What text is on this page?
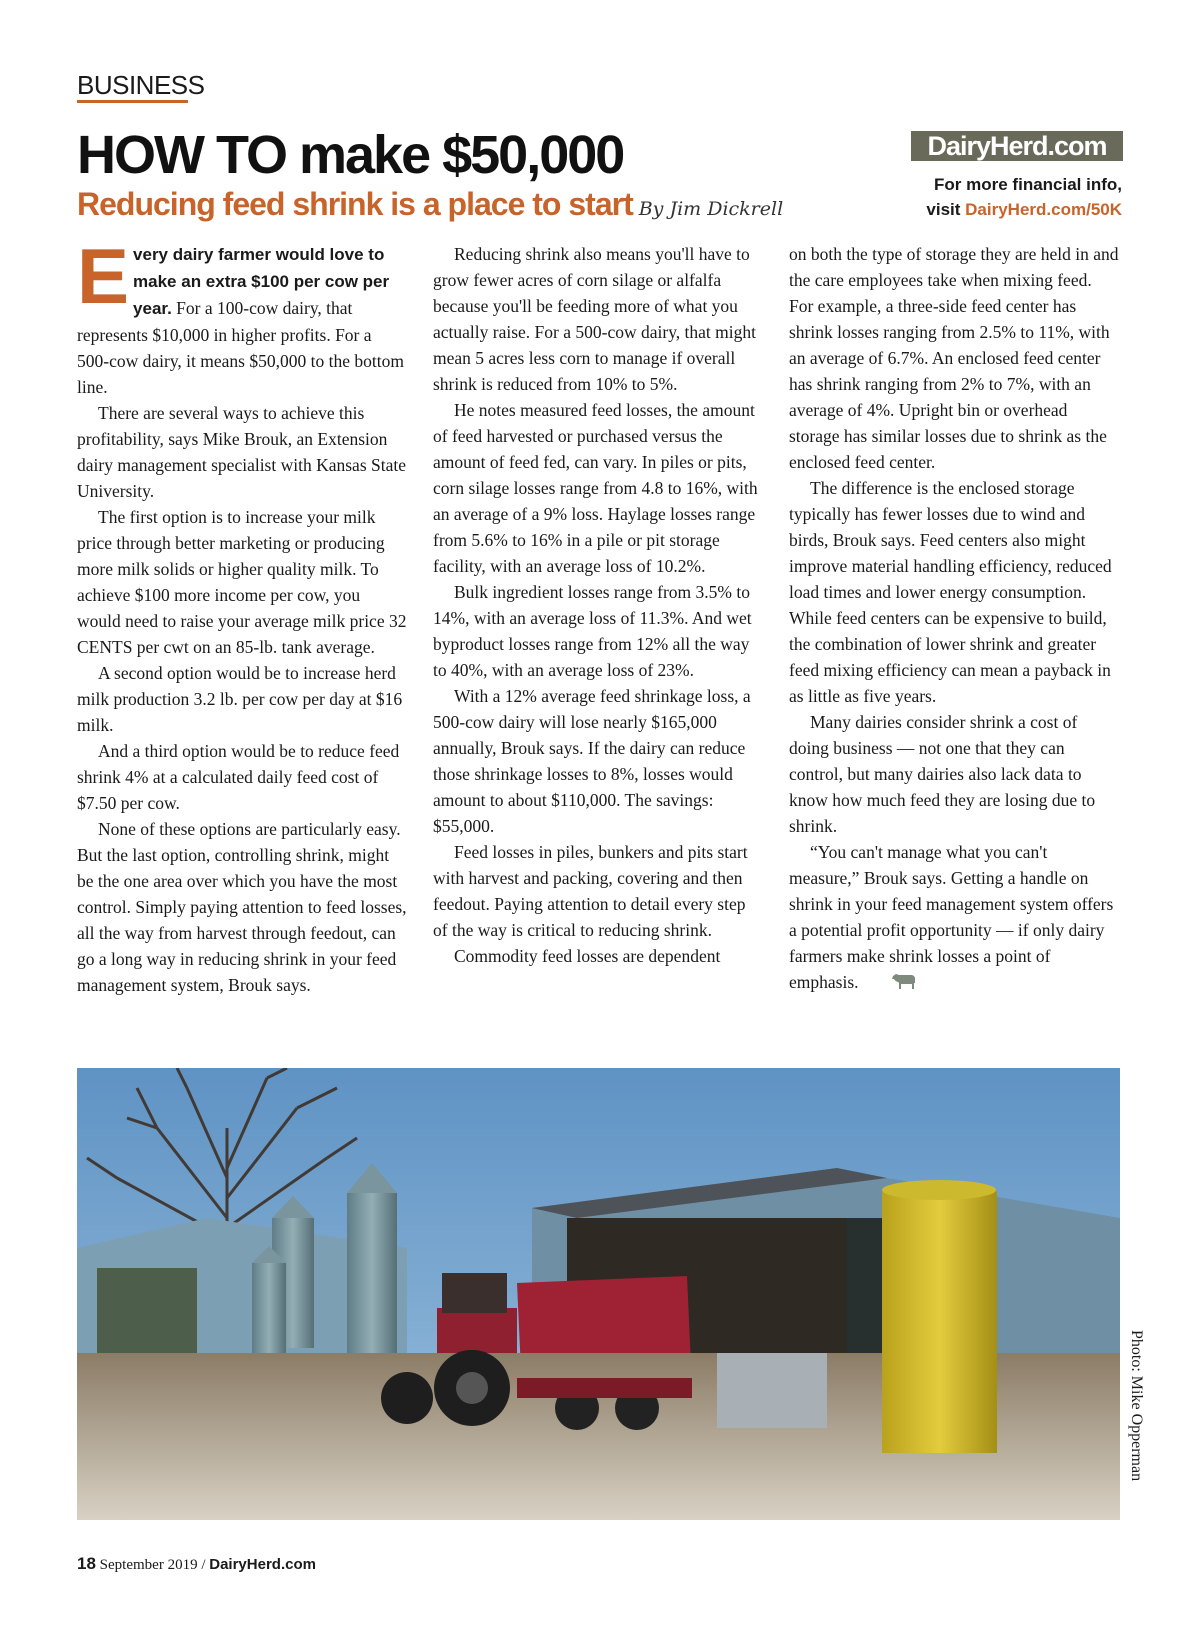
BUSINESS
HOW TO make $50,000
Reducing feed shrink is a place to start By Jim Dickrell
DairyHerd.com
For more financial info,
visit DairyHerd.com/50K

Every dairy farmer would love to make an extra $100 per cow per year. For a 100-cow dairy, that represents $10,000 in higher profits. For a 500-cow dairy, it means $50,000 to the bottom line.

There are several ways to achieve this profitability, says Mike Brouk, an Extension dairy management specialist with Kansas State University.

The first option is to increase your milk price through better marketing or producing more milk solids or higher quality milk. To achieve $100 more income per cow, you would need to raise your average milk price 32 CENTS per cwt on an 85-lb. tank average.

A second option would be to increase herd milk production 3.2 lb. per cow per day at $16 milk.

And a third option would be to reduce feed shrink 4% at a calculated daily feed cost of $7.50 per cow.

None of these options are particularly easy. But the last option, controlling shrink, might be the one area over which you have the most control. Simply paying attention to feed losses, all the way from harvest through feedout, can go a long way in reducing shrink in your feed management system, Brouk says.

Reducing shrink also means you'll have to grow fewer acres of corn silage or alfalfa because you'll be feeding more of what you actually raise. For a 500-cow dairy, that might mean 5 acres less corn to manage if overall shrink is reduced from 10% to 5%.

He notes measured feed losses, the amount of feed harvested or purchased versus the amount of feed fed, can vary. In piles or pits, corn silage losses range from 4.8 to 16%, with an average of a 9% loss. Haylage losses range from 5.6% to 16% in a pile or pit storage facility, with an average loss of 10.2%.

Bulk ingredient losses range from 3.5% to 14%, with an average loss of 11.3%. And wet byproduct losses range from 12% all the way to 40%, with an average loss of 23%.

With a 12% average feed shrinkage loss, a 500-cow dairy will lose nearly $165,000 annually, Brouk says. If the dairy can reduce those shrinkage losses to 8%, losses would amount to about $110,000. The savings: $55,000.

Feed losses in piles, bunkers and pits start with harvest and packing, covering and then feedout. Paying attention to detail every step of the way is critical to reducing shrink.

Commodity feed losses are dependent

on both the type of storage they are held in and the care employees take when mixing feed. For example, a three-side feed center has shrink losses ranging from 2.5% to 11%, with an average of 6.7%. An enclosed feed center has shrink ranging from 2% to 7%, with an average of 4%. Upright bin or overhead storage has similar losses due to shrink as the enclosed feed center.

The difference is the enclosed storage typically has fewer losses due to wind and birds, Brouk says. Feed centers also might improve material handling efficiency, reduced load times and lower energy consumption. While feed centers can be expensive to build, the combination of lower shrink and greater feed mixing efficiency can mean a payback in as little as five years.

Many dairies consider shrink a cost of doing business — not one that they can control, but many dairies also lack data to know how much feed they are losing due to shrink.

“You can't manage what you can't measure,” Brouk says. Getting a handle on shrink in your feed management system offers a potential profit opportunity — if only dairy farmers make shrink losses a point of emphasis.

Photo: Mike Opperman
18 September 2019 / DairyHerd.com
